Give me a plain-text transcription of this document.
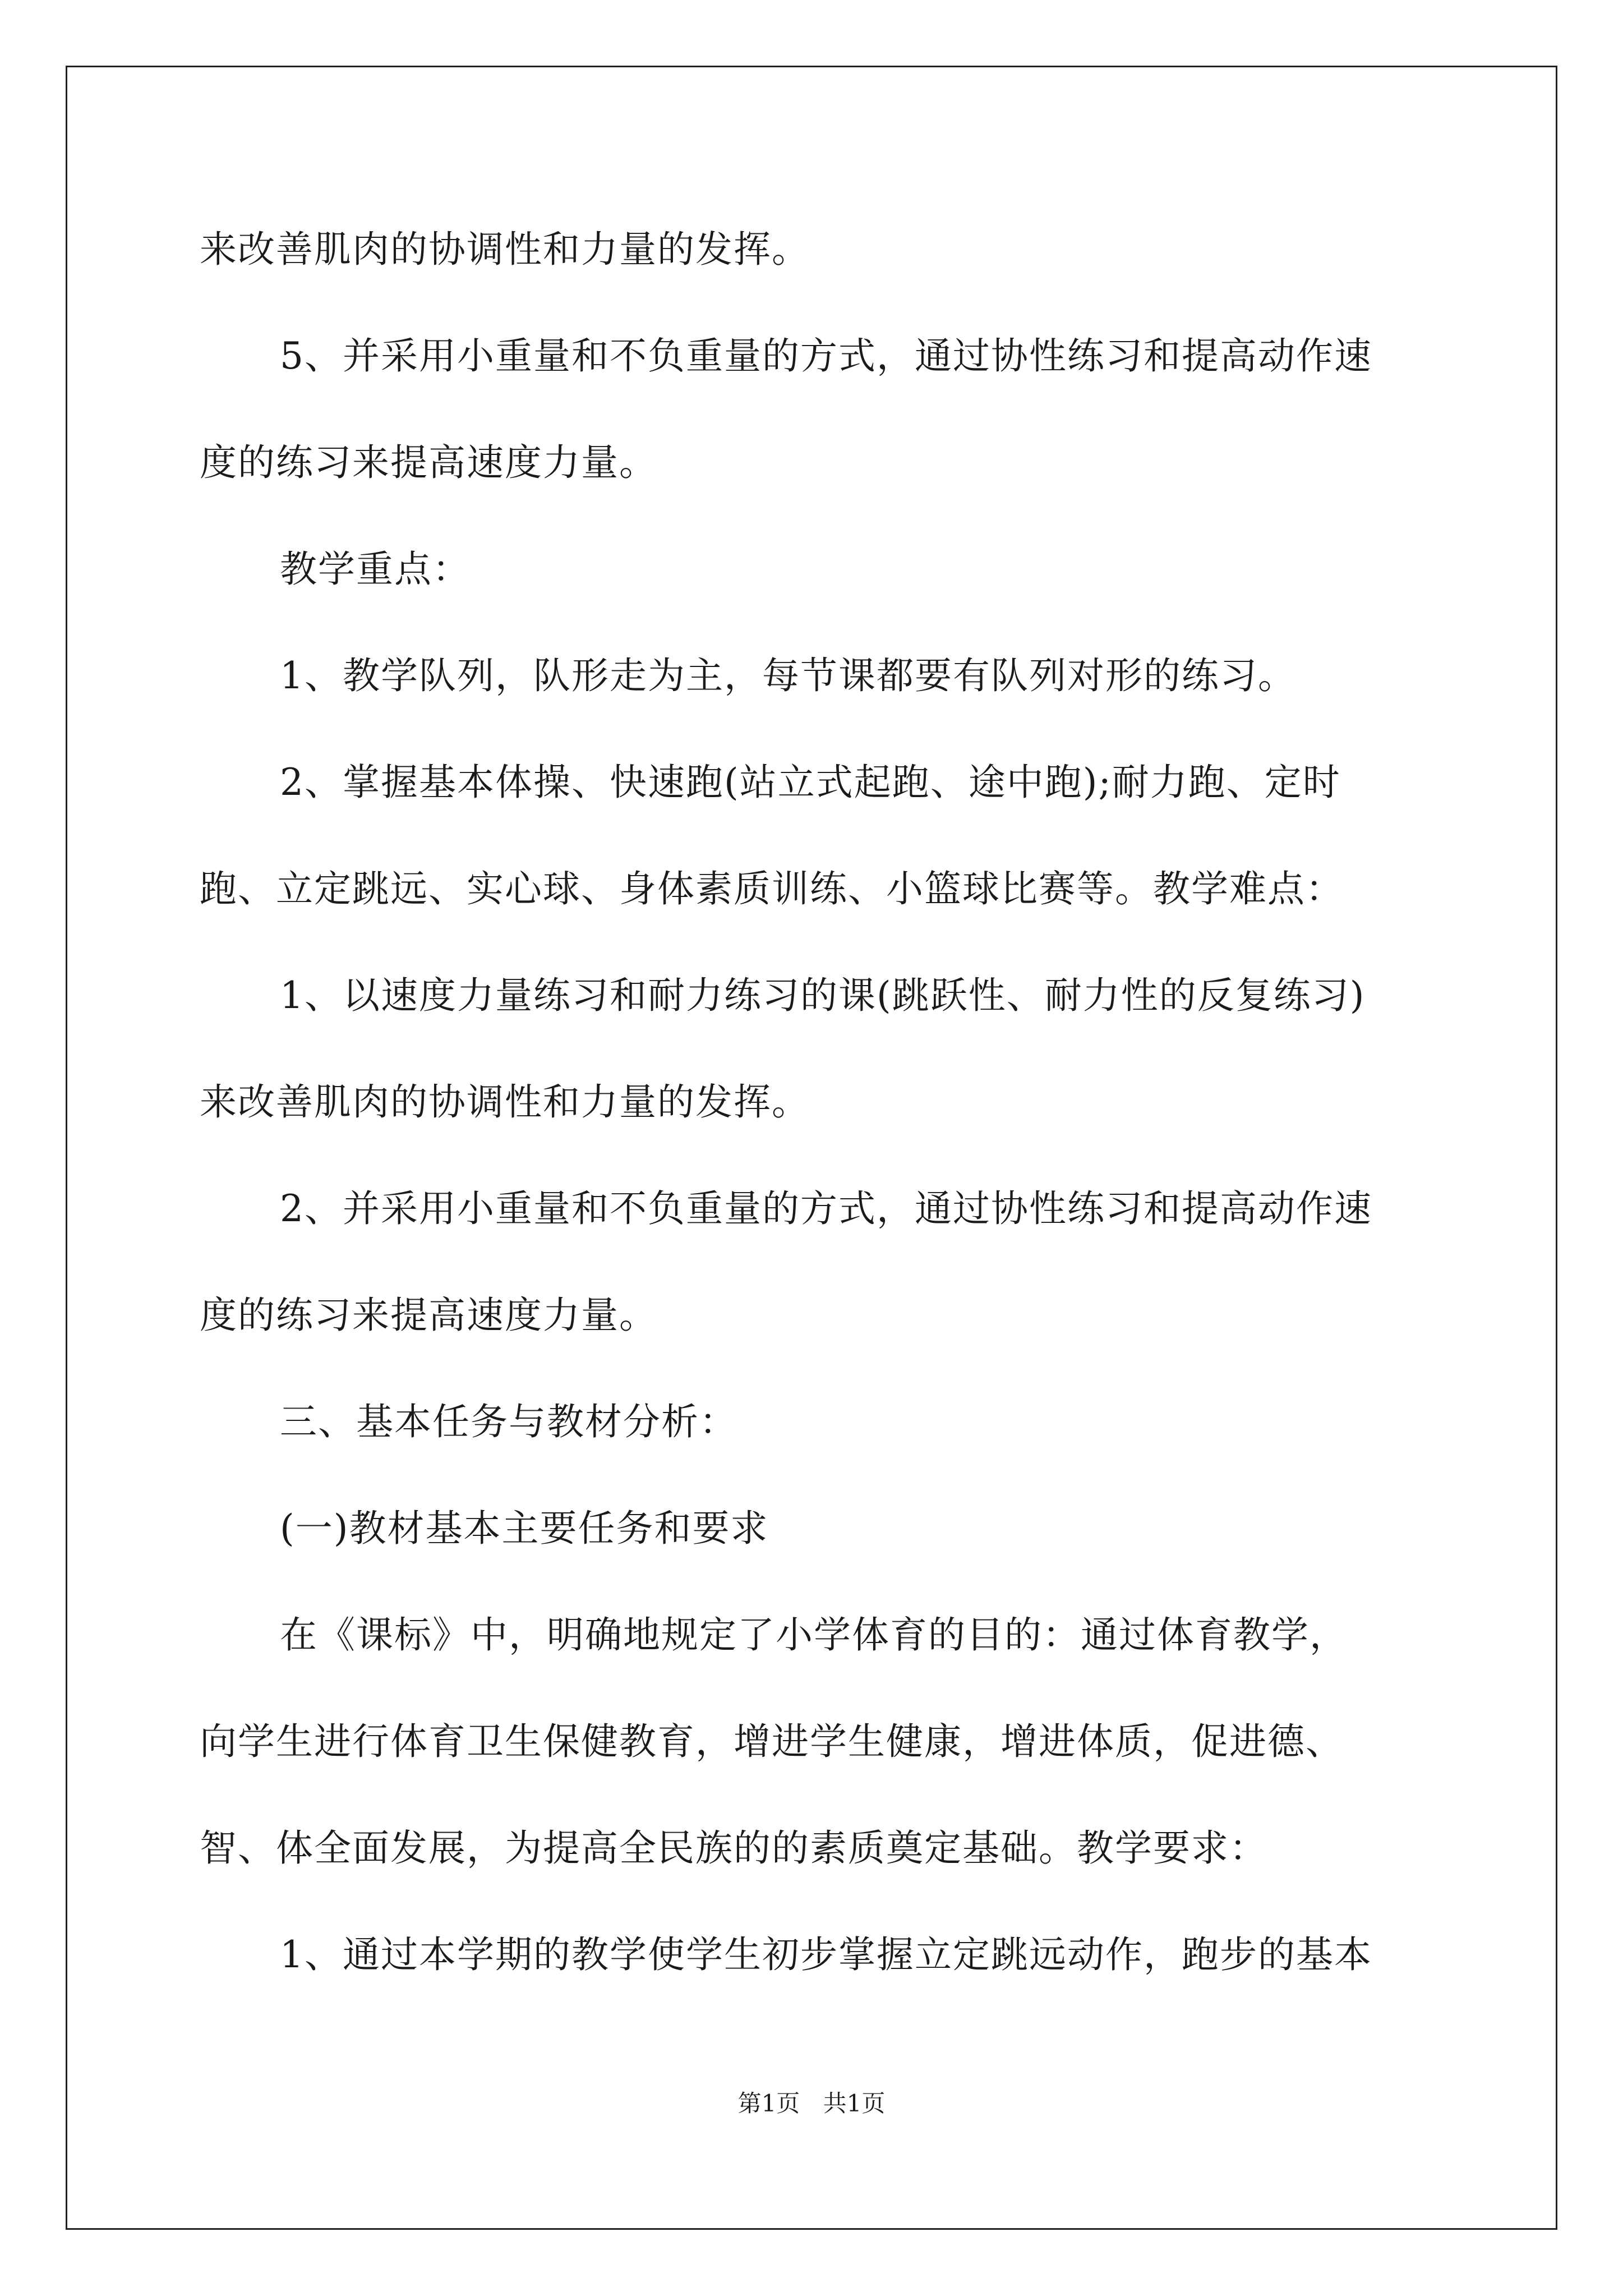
来改善肌肉的协调性和力量的发挥。
5、并采用小重量和不负重量的方式，通过协性练习和提高动作速
度的练习来提高速度力量。
教学重点：
1、教学队列，队形走为主，每节课都要有队列对形的练习。
2、掌握基本体操、快速跑(站立式起跑、途中跑);耐力跑、定时
跑、立定跳远、实心球、身体素质训练、小篮球比赛等。教学难点：
1、以速度力量练习和耐力练习的课(跳跃性、耐力性的反复练习)
来改善肌肉的协调性和力量的发挥。
2、并采用小重量和不负重量的方式，通过协性练习和提高动作速
度的练习来提高速度力量。
三、基本任务与教材分析：
(一)教材基本主要任务和要求
在《课标》中，明确地规定了小学体育的目的：通过体育教学，
向学生进行体育卫生保健教育，增进学生健康，增进体质，促进德、
智、体全面发展，为提高全民族的的素质奠定基础。教学要求：
1、通过本学期的教学使学生初步掌握立定跳远动作，跑步的基本
第1页 共1页
